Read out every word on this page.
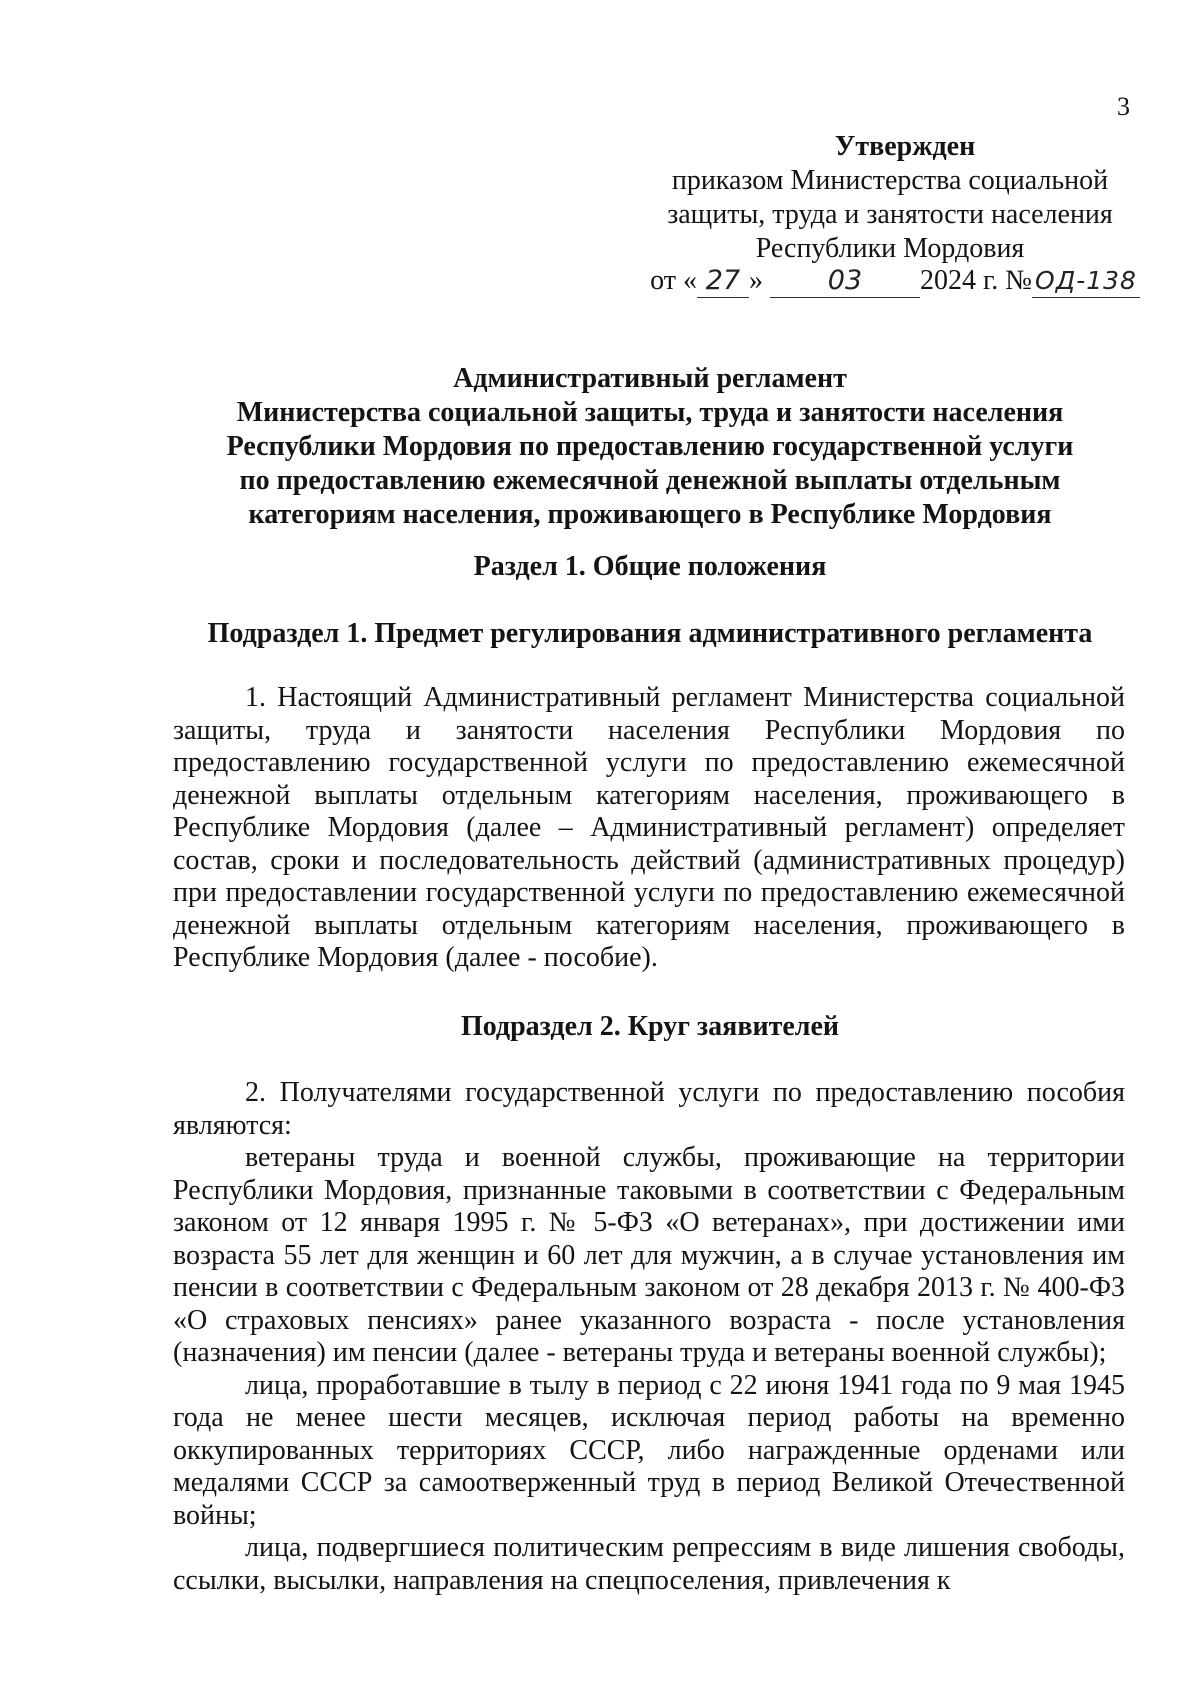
3
Утвержден
приказом Министерства социальной
защиты, труда и занятости населения
Республики Мордовия
от « 27 » 03 2024 г. № ОД-138
Административный регламент
Министерства социальной защиты, труда и занятости населения
Республики Мордовия по предоставлению государственной услуги
по предоставлению ежемесячной денежной выплаты отдельным
категориям населения, проживающего в Республике Мордовия
Раздел 1. Общие положения
Подраздел 1. Предмет регулирования административного регламента

1. Настоящий Административный регламент Министерства социальной защиты, труда и занятости населения Республики Мордовия по предоставлению государственной услуги по предоставлению ежемесячной денежной выплаты отдельным категориям населения, проживающего в Республике Мордовия (далее – Административный регламент) определяет состав, сроки и последовательность действий (административных процедур) при предоставлении государственной услуги по предоставлению ежемесячной денежной выплаты отдельным категориям населения, проживающего в Республике Мордовия (далее - пособие).

Подраздел 2. Круг заявителей

2. Получателями государственной услуги по предоставлению пособия являются:

ветераны труда и военной службы, проживающие на территории Республики Мордовия, признанные таковыми в соответствии с Федеральным законом от 12 января 1995 г. № 5-ФЗ «О ветеранах», при достижении ими возраста 55 лет для женщин и 60 лет для мужчин, а в случае установления им пенсии в соответствии с Федеральным законом от 28 декабря 2013 г. № 400-ФЗ «О страховых пенсиях» ранее указанного возраста - после установления (назначения) им пенсии (далее - ветераны труда и ветераны военной службы);

лица, проработавшие в тылу в период с 22 июня 1941 года по 9 мая 1945 года не менее шести месяцев, исключая период работы на временно оккупированных территориях СССР, либо награжденные орденами или медалями СССР за самоотверженный труд в период Великой Отечественной войны;

лица, подвергшиеся политическим репрессиям в виде лишения свободы, ссылки, высылки, направления на спецпоселения, привлечения к
